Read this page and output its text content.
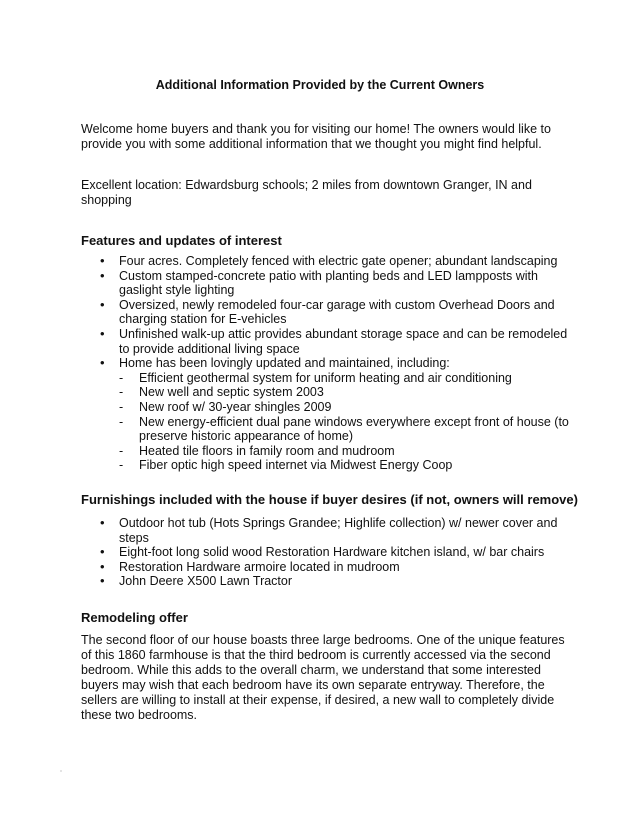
Additional Information Provided by the Current Owners

Welcome home buyers and thank you for visiting our home! The owners would like to provide you with some additional information that we thought you might find helpful.

Excellent location: Edwardsburg schools; 2 miles from downtown Granger, IN and shopping

Features and updates of interest
• Four acres. Completely fenced with electric gate opener; abundant landscaping
• Custom stamped-concrete patio with planting beds and LED lampposts with gaslight style lighting
• Oversized, newly remodeled four-car garage with custom Overhead Doors and charging station for E-vehicles
• Unfinished walk-up attic provides abundant storage space and can be remodeled to provide additional living space
• Home has been lovingly updated and maintained, including:
- Efficient geothermal system for uniform heating and air conditioning
- New well and septic system 2003
- New roof w/ 30-year shingles 2009
- New energy-efficient dual pane windows everywhere except front of house (to preserve historic appearance of home)
- Heated tile floors in family room and mudroom
- Fiber optic high speed internet via Midwest Energy Coop
Furnishings included with the house if buyer desires (if not, owners will remove)
• Outdoor hot tub (Hots Springs Grandee; Highlife collection) w/ newer cover and steps
• Eight-foot long solid wood Restoration Hardware kitchen island, w/ bar chairs
• Restoration Hardware armoire located in mudroom
• John Deere X500 Lawn Tractor
Remodeling offer

The second floor of our house boasts three large bedrooms. One of the unique features of this 1860 farmhouse is that the third bedroom is currently accessed via the second bedroom. While this adds to the overall charm, we understand that some interested buyers may wish that each bedroom have its own separate entryway. Therefore, the sellers are willing to install at their expense, if desired, a new wall to completely divide these two bedrooms.
